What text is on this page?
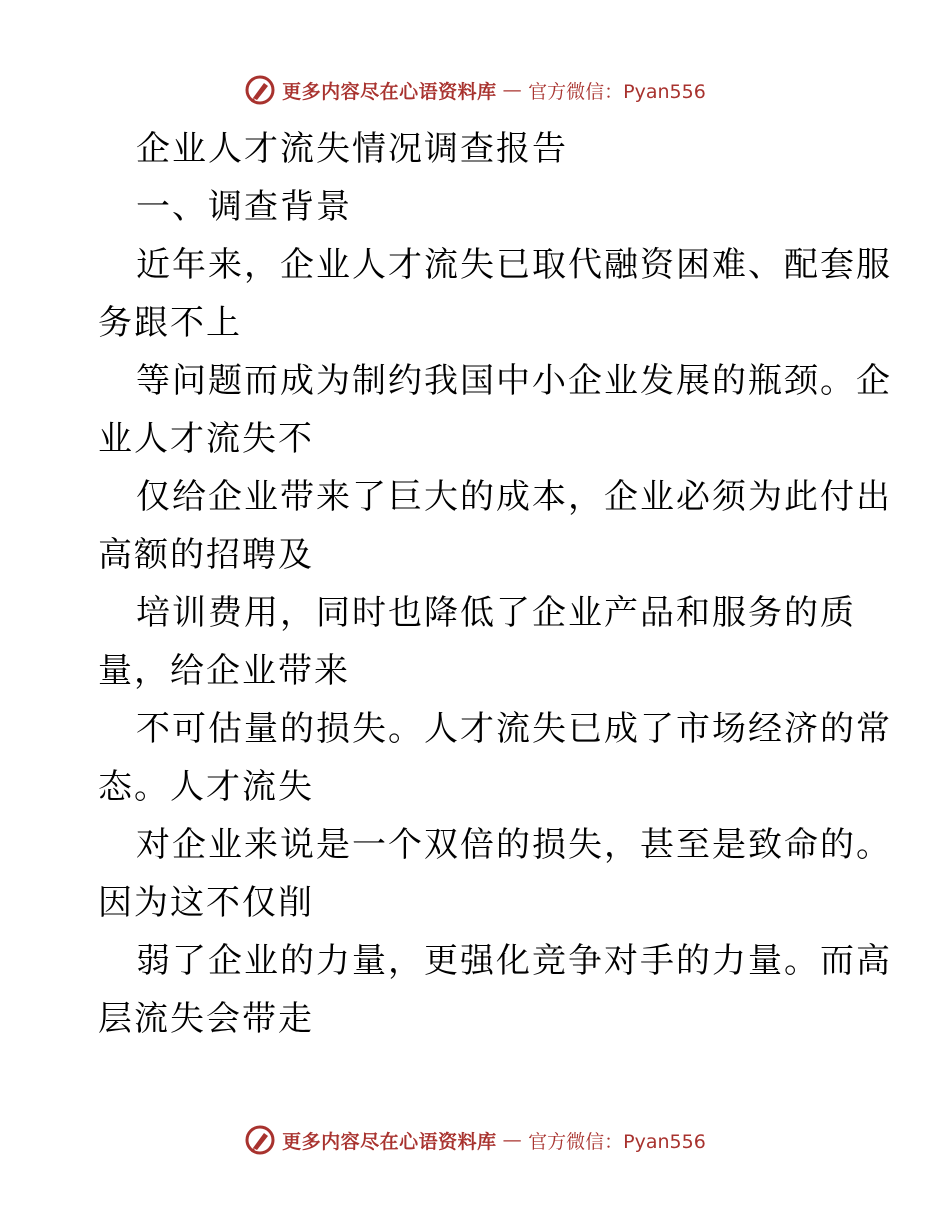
更多内容尽在心语资料库 — 官方微信：Pyan556
企业人才流失情况调查报告
一、调查背景
近年来，企业人才流失已取代融资困难、配套服
务跟不上
等问题而成为制约我国中小企业发展的瓶颈。企
业人才流失不
仅给企业带来了巨大的成本，企业必须为此付出
高额的招聘及
培训费用，同时也降低了企业产品和服务的质
量，给企业带来
不可估量的损失。人才流失已成了市场经济的常
态。人才流失
对企业来说是一个双倍的损失，甚至是致命的。
因为这不仅削
弱了企业的力量，更强化竞争对手的力量。而高
层流失会带走
更多内容尽在心语资料库 — 官方微信：Pyan556
